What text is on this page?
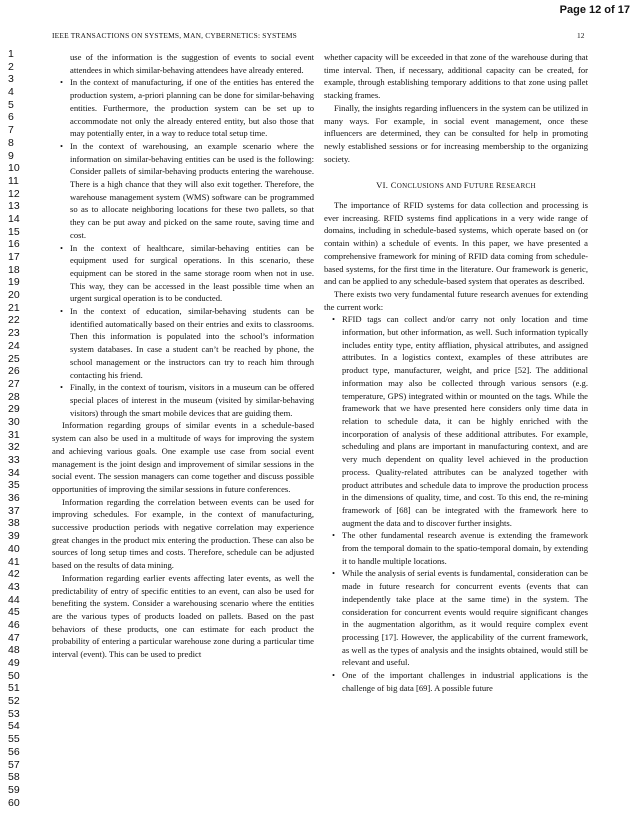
Page 12 of 17
IEEE TRANSACTIONS ON SYSTEMS, MAN, CYBERNETICS: SYSTEMS	12
1
2
3
4
5
6
7
8
9
10
11
12
13
14
15
16
17
18
19
20
21
22
23
24
25
26
27
28
29
30
31
32
33
34
35
36
37
38
39
40
41
42
43
44
45
46
47
48
49
50
51
52
53
54
55
56
57
58
59
60
use of the information is the suggestion of events to social event attendees in which similar-behaving attendees have already entered.
• In the context of manufacturing, if one of the entities has entered the production system, a-priori planning can be done for similar-behaving entities. Furthermore, the production system can be set up to accommodate not only the already entered entity, but also those that may potentially enter, in a way to reduce total setup time.
• In the context of warehousing, an example scenario where the information on similar-behaving entities can be used is the following: Consider pallets of similar-behaving products entering the warehouse. There is a high chance that they will also exit together. Therefore, the warehouse management system (WMS) software can be programmed so as to allocate neighboring locations for these two pallets, so that they can be put away and picked on the same route, saving time and cost.
• In the context of healthcare, similar-behaving entities can be equipment used for surgical operations. In this scenario, these equipment can be stored in the same storage room when not in use. This way, they can be accessed in the least possible time when an urgent surgical operation is to be conducted.
• In the context of education, similar-behaving students can be identified automatically based on their entries and exits to classrooms. Then this information is populated into the school’s information system databases. In case a student can’t be reached by phone, the school management or the instructors can try to reach him through contacting his friend.
• Finally, in the context of tourism, visitors in a museum can be offered special places of interest in the museum (visited by similar-behaving visitors) through the smart mobile devices that are guiding them.

Information regarding groups of similar events in a schedule-based system can also be used in a multitude of ways for improving the system and achieving various goals. One example use case from social event management is the joint design and improvement of similar sessions in the social event. The session managers can come together and discuss possible opportunities of improving the similar sessions in future conferences.

Information regarding the correlation between events can be used for improving schedules. For example, in the context of manufacturing, successive production periods with negative correlation may experience great changes in the product mix entering the production. These can also be sources of long setup times and costs. Therefore, schedule can be adjusted based on the results of data mining.

Information regarding earlier events affecting later events, as well the predictability of entry of specific entities to an event, can also be used for benefiting the system. Consider a warehousing scenario where the entities are the various types of products loaded on pallets. Based on the past behaviors of these products, one can estimate for each product the probability of entering a particular warehouse zone during a particular time interval (event). This can be used to predict

whether capacity will be exceeded in that zone of the warehouse during that time interval. Then, if necessary, additional capacity can be created, for example, through establishing temporary additions to that zone using pallet stacking frames.

Finally, the insights regarding influencers in the system can be utilized in many ways. For example, in social event management, once these influencers are determined, they can be consulted for help in promoting newly established sessions or for increasing membership to the organizing society.

VI. CONCLUSIONS AND FUTURE RESEARCH

The importance of RFID systems for data collection and processing is ever increasing. RFID systems find applications in a very wide range of domains, including in schedule-based systems, which operate based on (or contain within) a schedule of events. In this paper, we have presented a comprehensive framework for mining of RFID data coming from schedule-based systems, for the first time in the literature. Our framework is generic, and can be applied to any schedule-based system that operates as described.

There exists two very fundamental future research avenues for extending the current work:

• RFID tags can collect and/or carry not only location and time information, but other information, as well. Such information typically includes entity type, entity affliation, physical attributes, and assigned attributes. In a logistics context, examples of these attributes are product type, manufacturer, weight, and price [52]. The additional information may also be collected through various sensors (e.g. temperature, GPS) integrated within or mounted on the tags. While the framework that we have presented here considers only time data in relation to schedule data, it can be highly enriched with the incorporation of analysis of these additional attributes. For example, scheduling and plans are important in manufacturing context, and are very much dependent on quality level achieved in the production process. Quality-related attributes can be analyzed together with product attributes and schedule data to improve the production process in the dimensions of quality, time, and cost. To this end, the re-mining framework of [68] can be integrated with the framework here to augment the data and to discover further insights.
• The other fundamental research avenue is extending the framework from the temporal domain to the spatio-temporal domain, by extending it to handle multiple locations.
• While the analysis of serial events is fundamental, consideration can be made in future research for concurrent events (events that can independently take place at the same time) in the system. The consideration for concurrent events would require significant changes in the augmentation algorithm, as it would require complex event processing [17]. However, the applicability of the current framework, as well as the types of analysis and the insights obtained, would still be relevant and useful.
• One of the important challenges in industrial applications is the challenge of big data [69]. A possible future
